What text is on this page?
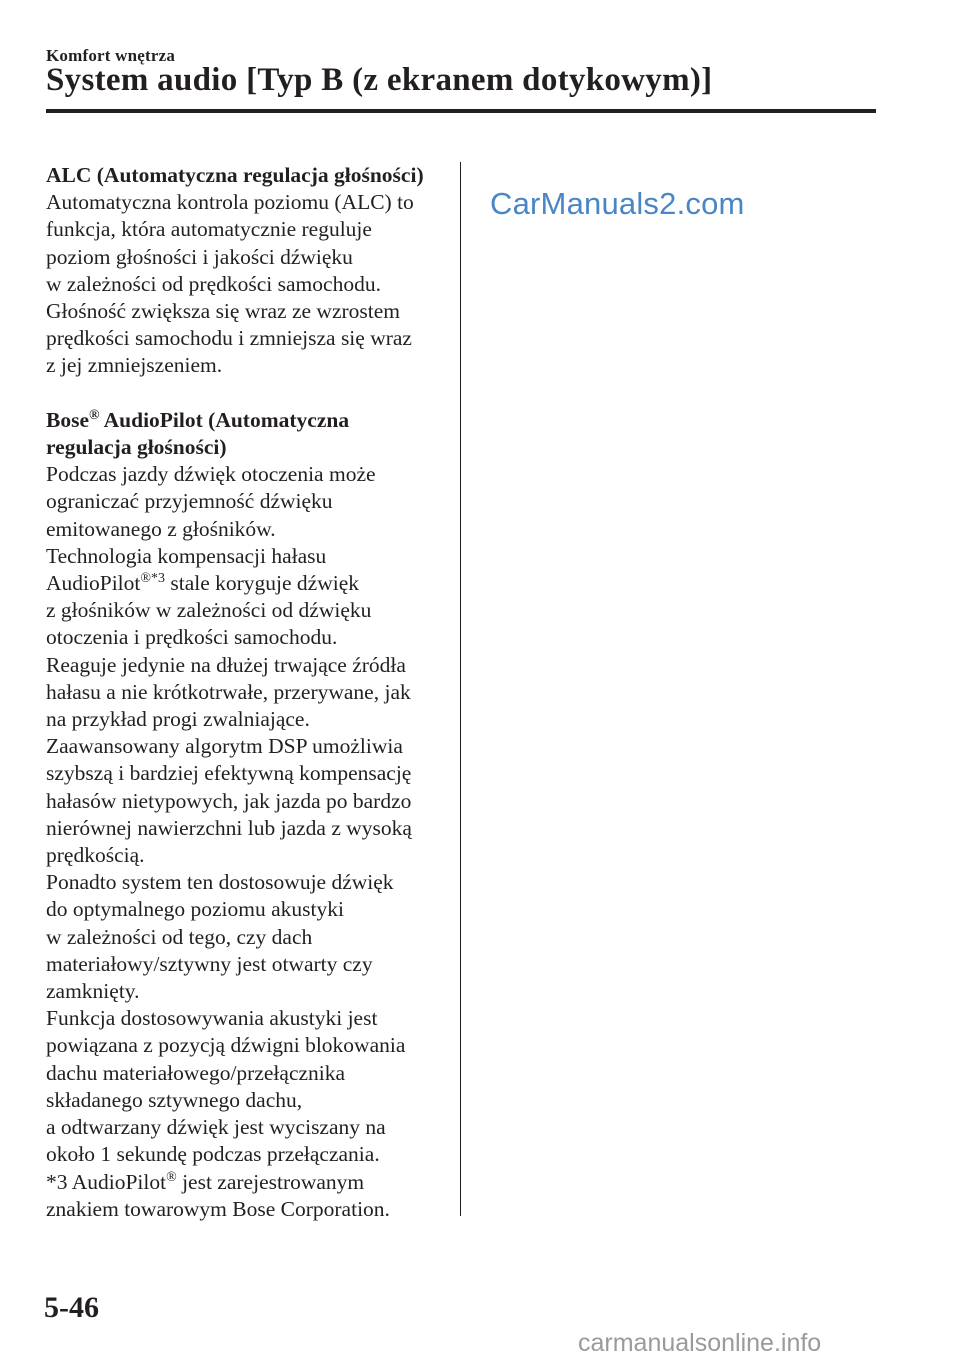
Komfort wnętrza
System audio [Typ B (z ekranem dotykowym)]
ALC (Automatyczna regulacja głośności)

Automatyczna kontrola poziomu (ALC) to

funkcja, która automatycznie reguluje

poziom głośności i jakości dźwięku

w zależności od prędkości samochodu.

Głośność zwiększa się wraz ze wzrostem

prędkości samochodu i zmniejsza się wraz

z jej zmniejszeniem.

Bose® AudioPilot (Automatyczna
regulacja głośności)

Podczas jazdy dźwięk otoczenia może

ograniczać przyjemność dźwięku

emitowanego z głośników.

Technologia kompensacji hałasu

AudioPilot$^{®*3}$ stale koryguje dźwięk

z głośników w zależności od dźwięku

otoczenia i prędkości samochodu.

Reaguje jedynie na dłużej trwające źródła

hałasu a nie krótkotrwałe, przerywane, jak

na przykład progi zwalniające.

Zaawansowany algorytm DSP umożliwia

szybszą i bardziej efektywną kompensację

hałasów nietypowych, jak jazda po bardzo

nierównej nawierzchni lub jazda z wysoką

prędkością.

Ponadto system ten dostosowuje dźwięk

do optymalnego poziomu akustyki

w zależności od tego, czy dach

materiałowy/sztywny jest otwarty czy

zamknięty.

Funkcja dostosowywania akustyki jest

powiązana z pozycją dźwigni blokowania

dachu materiałowego/przełącznika

składanego sztywnego dachu,

a odtwarzany dźwięk jest wyciszany na

około 1 sekundę podczas przełączania.

*3 AudioPilot® jest zarejestrowanym

znakiem towarowym Bose Corporation.

CarManuals2.com
5-46
carmanualsonline.info
